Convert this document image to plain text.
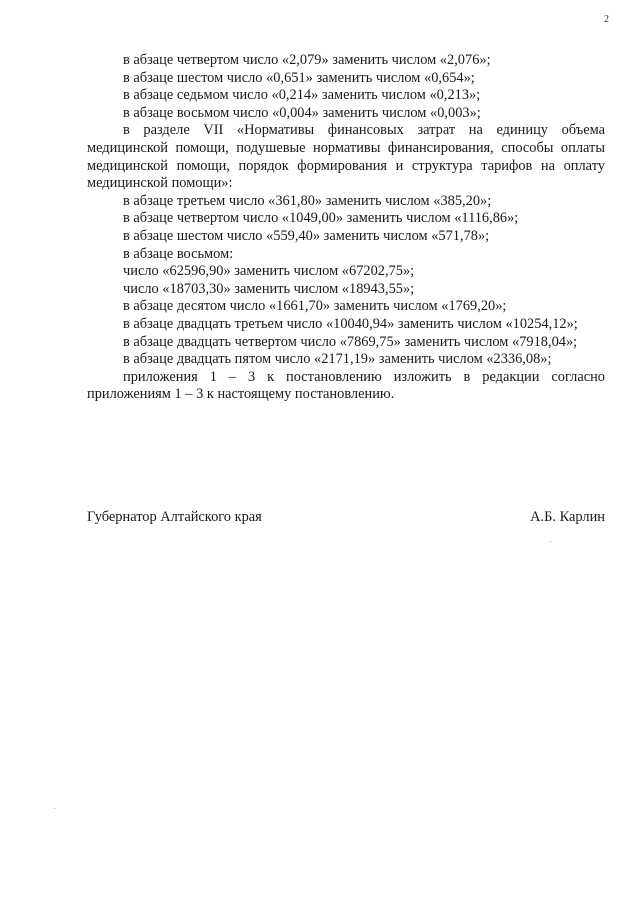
2

в абзаце четвертом число «2,079» заменить числом «2,076»;

в абзаце шестом число «0,651» заменить числом «0,654»;

в абзаце седьмом число «0,214» заменить числом «0,213»;

в абзаце восьмом число «0,004» заменить числом «0,003»;

в разделе VII «Нормативы финансовых затрат на единицу объема медицинской помощи, подушевые нормативы финансирования, способы оплаты медицинской помощи, порядок формирования и структура тарифов на оплату медицинской помощи»:

в абзаце третьем число «361,80» заменить числом «385,20»;

в абзаце четвертом число «1049,00» заменить числом «1116,86»;

в абзаце шестом число «559,40» заменить числом «571,78»;

в абзаце восьмом:

число «62596,90» заменить числом «67202,75»;

число «18703,30» заменить числом «18943,55»;

в абзаце десятом число «1661,70» заменить числом «1769,20»;

в абзаце двадцать третьем число «10040,94» заменить числом «10254,12»;

в абзаце двадцать четвертом число «7869,75» заменить числом «7918,04»;

в абзаце двадцать пятом число «2171,19» заменить числом «2336,08»;

приложения 1 – 3 к постановлению изложить в редакции согласно приложениям 1 – 3 к настоящему постановлению.

Губернатор Алтайского края	А.Б. Карлин
